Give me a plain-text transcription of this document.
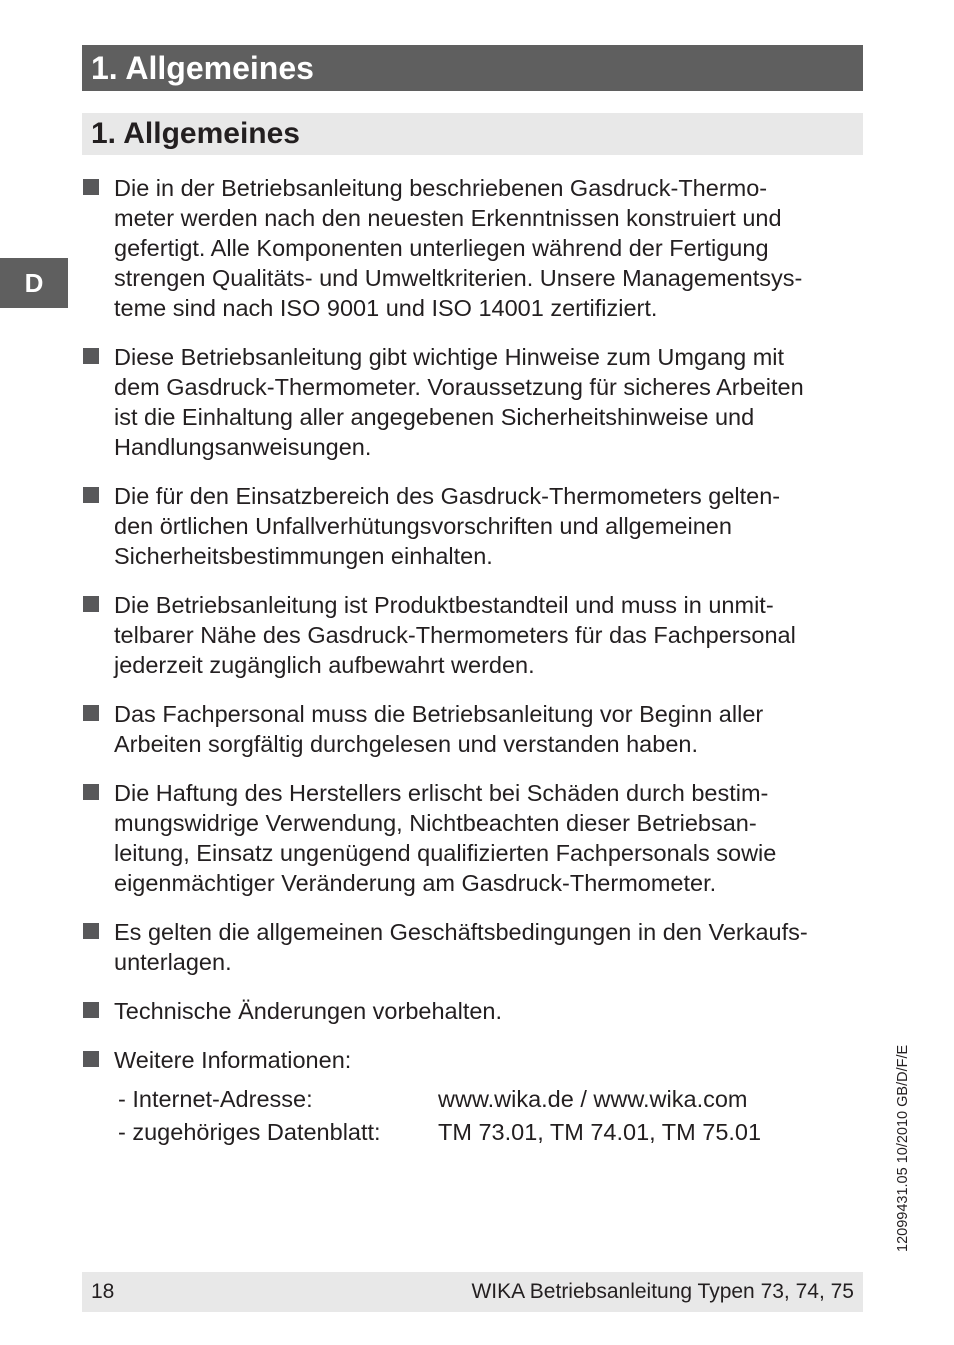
1. Allgemeines
1. Allgemeines
D
Die in der Betriebsanleitung beschriebenen Gasdruck-Thermo-
meter werden nach den neuesten Erkenntnissen konstruiert und
gefertigt. Alle Komponenten unterliegen während der Fertigung
strengen Qualitäts- und Umweltkriterien. Unsere Managementsys-
teme sind nach ISO 9001 und ISO 14001 zertifiziert.
Diese Betriebsanleitung gibt wichtige Hinweise zum Umgang mit
dem Gasdruck-Thermometer. Voraussetzung für sicheres Arbeiten
ist die Einhaltung aller angegebenen Sicherheitshinweise und
Handlungsanweisungen.
Die für den Einsatzbereich des Gasdruck-Thermometers gelten-
den örtlichen Unfallverhütungsvorschriften und allgemeinen
Sicherheitsbestimmungen einhalten.
Die Betriebsanleitung ist Produktbestandteil und muss in unmit-
telbarer Nähe des Gasdruck-Thermometers für das Fachpersonal
jederzeit zugänglich aufbewahrt werden.
Das Fachpersonal muss die Betriebsanleitung vor Beginn aller
Arbeiten sorgfältig durchgelesen und verstanden haben.
Die Haftung des Herstellers erlischt bei Schäden durch bestim-
mungswidrige Verwendung, Nichtbeachten dieser Betriebsan-
leitung, Einsatz ungenügend qualifizierten Fachpersonals sowie
eigenmächtiger Veränderung am Gasdruck-Thermometer.
Es gelten die allgemeinen Geschäftsbedingungen in den Verkaufs-
unterlagen.
Technische Änderungen vorbehalten.
Weitere Informationen:
- Internet-Adresse:	www.wika.de / www.wika.com
- zugehöriges Datenblatt:	TM 73.01, TM 74.01, TM 75.01	12099431.05 10/2010 GB/D/F/E
18	WIKA Betriebsanleitung Typen 73, 74, 75
